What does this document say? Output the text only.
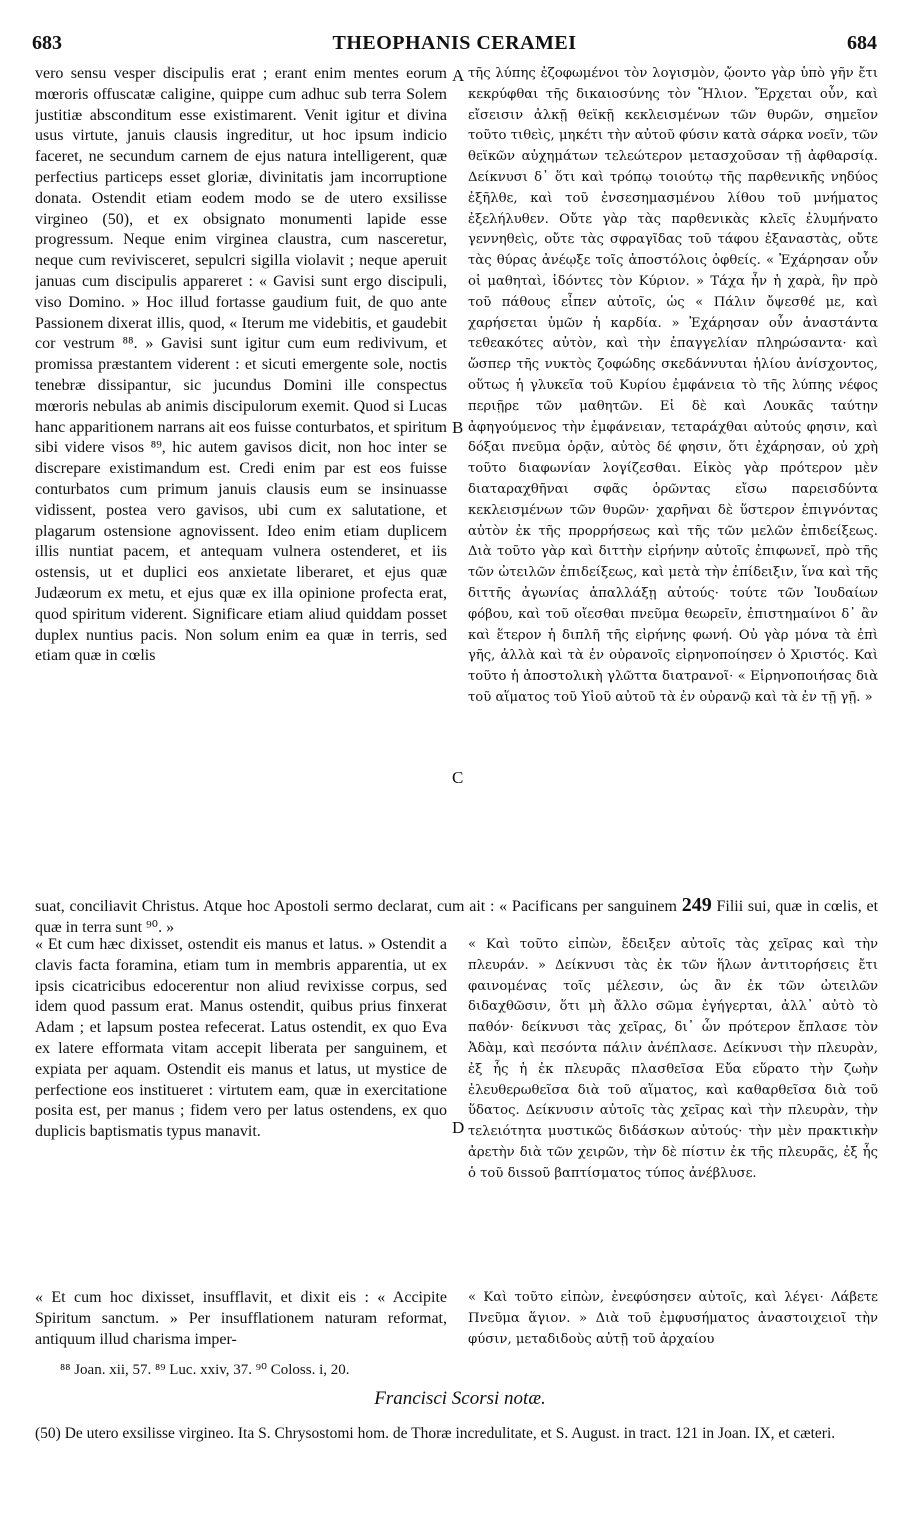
683	THEOPHANIS CERAMEI	684
A
B
C
D

vero sensu vesper discipulis erat ; erant enim mentes eorum mœroris offuscatæ caligine, quippe cum adhuc sub terra Solem justitiæ absconditum esse existimarent. Venit igitur et divina usus virtute, januis clausis ingreditur, ut hoc ipsum indicio faceret, ne secundum carnem de ejus natura intelligerent, quæ perfectius particeps esset gloriæ, divinitatis jam incorruptione donata. Ostendit etiam eodem modo se de utero exsilisse virgineo (50), et ex obsignato monumenti lapide esse progressum. Neque enim virginea claustra, cum nasceretur, neque cum revivisceret, sepulcri sigilla violavit ; neque aperuit januas cum discipulis appareret : « Gavisi sunt ergo discipuli, viso Domino. » Hoc illud fortasse gaudium fuit, de quo ante Passionem dixerat illis, quod, « Iterum me videbitis, et gaudebit cor vestrum ⁸⁸. » Gavisi sunt igitur cum eum redivivum, et promissa præstantem viderent : et sicuti emergente sole, noctis tenebræ dissipantur, sic jucundus Domini ille conspectus mœroris nebulas ab animis discipulorum exemit. Quod si Lucas hanc apparitionem narrans ait eos fuisse conturbatos, et spiritum sibi videre visos ⁸⁹, hic autem gavisos dicit, non hoc inter se discrepare existimandum est. Credi enim par est eos fuisse conturbatos cum primum januis clausis eum se insinuasse vidissent, postea vero gavisos, ubi cum ex salutatione, et plagarum ostensione agnovissent. Ideo enim etiam duplicem illis nuntiat pacem, et antequam vulnera ostenderet, et iis ostensis, ut et duplici eos anxietate liberaret, et ejus quæ Judæorum ex metu, et ejus quæ ex illa opinione profecta erat, quod spiritum viderent. Significare etiam aliud quiddam posset duplex nuntius pacis. Non solum enim ea quæ in terris, sed etiam quæ in cœlis

τῆς λύπης ἐζοφωμένοι τὸν λογισμὸν, ᾤοντο γὰρ ὑπὸ γῆν ἔτι κεκρύφθαι τῆς δικαιοσύνης τὸν Ἥλιον. Ἔρχεται οὖν, καὶ εἴσεισιν ἀλκῇ θεϊκῇ κεκλεισμένων τῶν θυρῶν, σημεῖον τοῦτο τιθεὶς, μηκέτι τὴν αὐτοῦ φύσιν κατὰ σάρκα νοεῖν, τῶν θεϊκῶν αὐχημάτων τελεώτερον μετασχοῦσαν τῇ ἀφθαρσίᾳ. Δείκνυσι δ᾽ ὅτι καὶ τρόπῳ τοιούτῳ τῆς παρθενικῆς νηδύος ἐξῆλθε, καὶ τοῦ ἐνσεσημασμένου λίθου τοῦ μνήματος ἐξελήλυθεν. Οὔτε γὰρ τὰς παρθενικὰς κλεῖς ἐλυμήνατο γεννηθεὶς, οὔτε τὰς σφραγῖδας τοῦ τάφου ἐξαναστὰς, οὔτε τὰς θύρας ἀνέῳξε τοῖς ἀποστόλοις ὀφθείς. « Ἐχάρησαν οὖν οἱ μαθηταὶ, ἰδόντες τὸν Κύριον. » Τάχα ἦν ἡ χαρὰ, ἣν πρὸ τοῦ πάθους εἶπεν αὐτοῖς, ὡς « Πάλιν ὄψεσθέ με, καὶ χαρήσεται ὑμῶν ἡ καρδία. » Ἐχάρησαν οὖν ἀναστάντα τεθεακότες αὐτὸν, καὶ τὴν ἐπαγγελίαν πληρώσαντα· καὶ ὥσπερ τῆς νυκτὸς ζοφώδης σκεδάννυται ἡλίου ἀνίσχοντος, οὕτως ἡ γλυκεῖα τοῦ Κυρίου ἐμφάνεια τὸ τῆς λύπης νέφος περιῇρε τῶν μαθητῶν. Εἰ δὲ καὶ Λουκᾶς ταύτην ἀφηγούμενος τὴν ἐμφάνειαν, τεταράχθαι αὐτούς φησιν, καὶ δόξαι πνεῦμα ὁρᾷν, αὐτὸς δέ φησιν, ὅτι ἐχάρησαν, οὐ χρὴ τοῦτο διαφωνίαν λογίζεσθαι. Εἰκὸς γὰρ πρότερον μὲν διαταραχθῆναι σφᾶς ὁρῶντας εἴσω παρεισδύντα κεκλεισμένων τῶν θυρῶν· χαρῆναι δὲ ὕστερον ἐπιγνόντας αὐτὸν ἐκ τῆς προρρήσεως καὶ τῆς τῶν μελῶν ἐπιδείξεως. Διὰ τοῦτο γὰρ καὶ διττὴν εἰρήνην αὐτοῖς ἐπιφωνεῖ, πρὸ τῆς τῶν ὠτειλῶν ἐπιδείξεως, καὶ μετὰ τὴν ἐπίδειξιν, ἵνα καὶ τῆς διττῆς ἀγωνίας ἀπαλλάξῃ αὐτούς· τούτε τῶν Ἰουδαίων φόβου, καὶ τοῦ οἴεσθαι πνεῦμα θεωρεῖν, ἐπιστημαίνοι δ᾽ ἂν καὶ ἕτερον ἡ διπλῆ τῆς εἰρήνης φωνή. Οὐ γὰρ μόνα τὰ ἐπὶ γῆς, ἀλλὰ καὶ τὰ ἐν οὐρανοῖς εἰρηνοποίησεν ὁ Χριστός. Καὶ τοῦτο ἡ ἀποστολικὴ γλῶττα διατρανοῖ· « Εἰρηνοποιήσας διὰ τοῦ αἵματος τοῦ Υἱοῦ αὐτοῦ τὰ ἐν οὐρανῷ καὶ τὰ ἐν τῇ γῇ. »

suat, conciliavit Christus. Atque hoc Apostoli sermo declarat, cum ait : « Pacificans per sanguinem 249 Filii sui, quæ in cœlis, et quæ in terra sunt ⁹⁰. »

« Et cum hæc dixisset, ostendit eis manus et latus. » Ostendit a clavis facta foramina, etiam tum in membris apparentia, ut ex ipsis cicatricibus edocerentur non aliud revixisse corpus, sed idem quod passum erat. Manus ostendit, quibus prius finxerat Adam ; et lapsum postea refecerat. Latus ostendit, ex quo Eva ex latere efformata vitam accepit liberata per sanguinem, et expiata per aquam. Ostendit eis manus et latus, ut mystice de perfectione eos institueret : virtutem eam, quæ in exercitatione posita est, per manus ; fidem vero per latus ostendens, ex quo duplicis baptismatis typus manavit.

« Καὶ τοῦτο εἰπὼν, ἔδειξεν αὐτοῖς τὰς χεῖρας καὶ τὴν πλευράν. » Δείκνυσι τὰς ἐκ τῶν ἥλων ἀντιτορήσεις ἔτι φαινομένας τοῖς μέλεσιν, ὡς ἂν ἐκ τῶν ὠτειλῶν διδαχθῶσιν, ὅτι μὴ ἄλλο σῶμα ἐγήγερται, ἀλλ᾽ αὐτὸ τὸ παθόν· δείκνυσι τὰς χεῖρας, δι᾽ ὧν πρότερον ἔπλασε τὸν Ἀδὰμ, καὶ πεσόντα πάλιν ἀνέπλασε. Δείκνυσι τὴν πλευρὰν, ἐξ ἧς ἡ ἐκ πλευρᾶς πλασθεῖσα Εὔα εὕρατο τὴν ζωὴν ἐλευθερωθεῖσα διὰ τοῦ αἵματος, καὶ καθαρθεῖσα διὰ τοῦ ὕδατος. Δείκνυσιν αὐτοῖς τὰς χεῖρας καὶ τὴν πλευρὰν, τὴν τελειότητα μυστικῶς διδάσκων αὐτούς· τὴν μὲν πρακτικὴν ἀρετὴν διὰ τῶν χειρῶν, τὴν δὲ πίστιν ἐκ τῆς πλευρᾶς, ἐξ ἧς ὁ τοῦ διssoῦ βαπτίσματος τύπος ἀνέβλυσε.

« Et cum hoc dixisset, insufflavit, et dixit eis : « Accipite Spiritum sanctum. » Per insufflationem naturam reformat, antiquum illud charisma imper-

« Καὶ τοῦτο εἰπὼν, ἐνεφύσησεν αὐτοῖς, καὶ λέγει· Λάβετε Πνεῦμα ἅγιον. » Διὰ τοῦ ἐμφυσήματος ἀναστοιχειοῖ τὴν φύσιν, μεταδιδοὺς αὐτῇ τοῦ ἀρχαίου

⁸⁸ Joan. xii, 57. ⁸⁹ Luc. xxiv, 37. ⁹⁰ Coloss. i, 20.
Francisci Scorsi notæ.
(50) De utero exsilisse virgineo. Ita S. Chrysostomi hom. de Thoræ incredulitate, et S. August. in tract. 121 in Joan. IX, et cæteri.
